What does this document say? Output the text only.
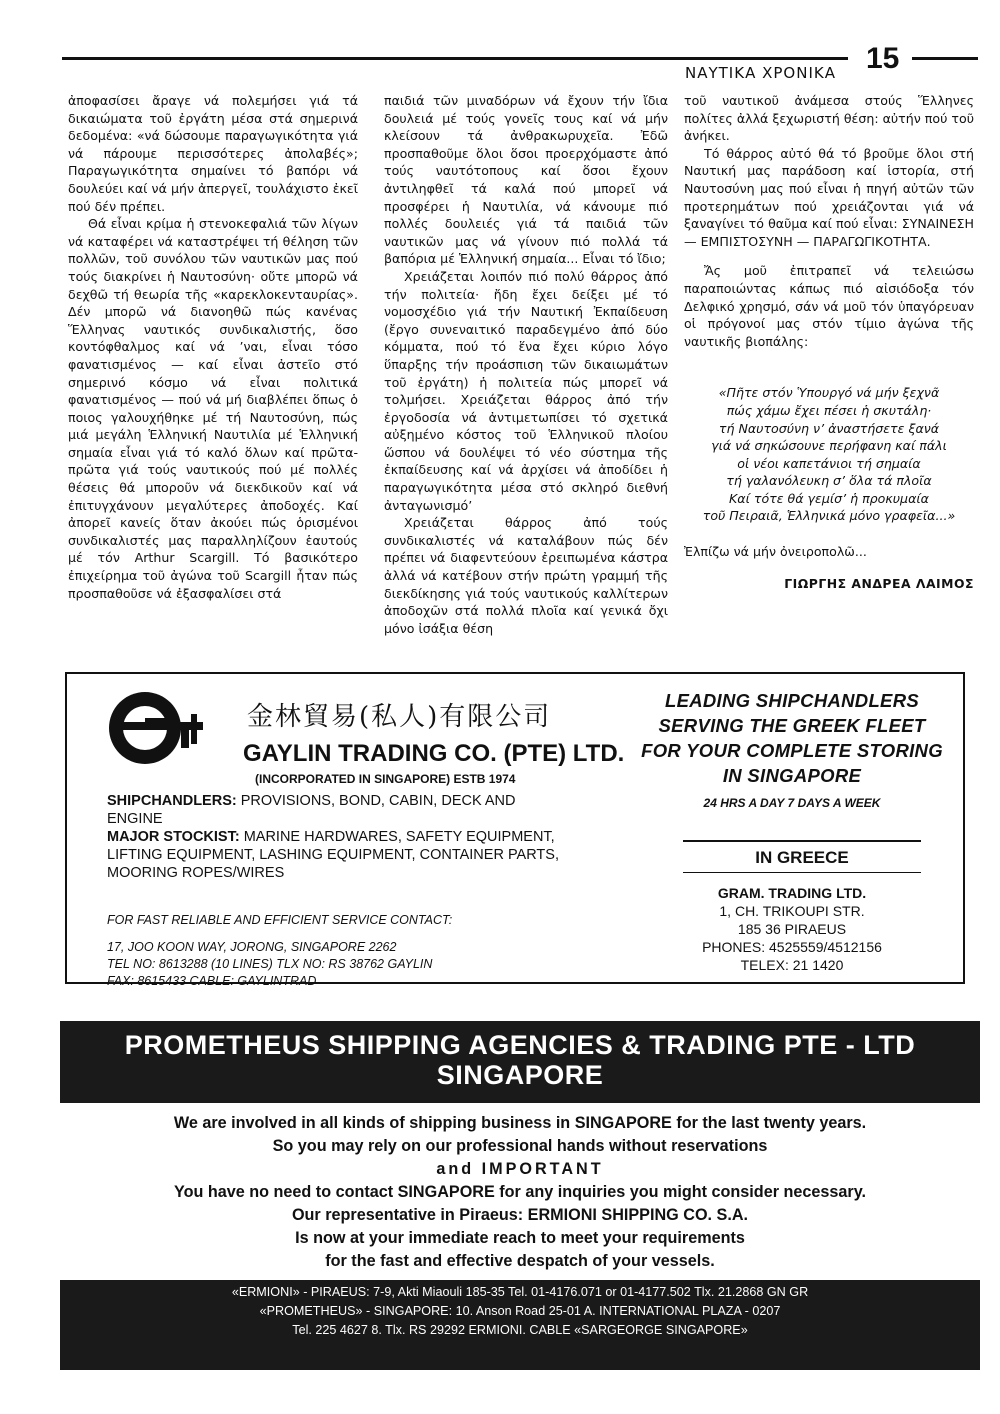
ΝΑΥΤΙΚΑ ΧΡΟΝΙΚΑ 15

ἀποφασίσει ἄραγε νά πολεμήσει γιά τά δικαιώματα τοῦ ἐργάτη μέσα στά σημερινά δεδομένα: «νά δώσουμε παραγωγικότητα γιά νά πάρουμε περισσότερες ἀπολαβές»; Παραγωγικότητα σημαίνει τό βαπόρι νά δουλεύει καί νά μήν ἀπεργεῖ, τουλάχιστο ἐκεῖ πού δέν πρέπει.

Θά εἶναι κρίμα ἡ στενοκεφαλιά τῶν λίγων νά καταφέρει νά καταστρέψει τή θέληση τῶν πολλῶν, τοῦ συνόλου τῶν ναυτικῶν μας πού τούς διακρίνει ἡ Ναυτοσύνη· οὔτε μπορῶ νά δεχθῶ τή θεωρία τῆς «καρεκλοκενταυρίας». Δέν μπορῶ νά διανοηθῶ πώς κανένας Ἕλληνας ναυτικός συνδικαλιστής, ὅσο κοντόφθαλμος καί νά ’ναι, εἶναι τόσο φανατισμένος — καί εἶναι ἀστεῖο στό σημερινό κόσμο νά εἶναι πολιτικά φανατισμένος — πού νά μή διαβλέπει ὅπως ὁ ποιος γαλουχήθηκε μέ τή Ναυτοσύνη, πώς μιά μεγάλη Ἑλληνική Ναυτιλία μέ Ἑλληνική σημαία εἶναι γιά τό καλό ὅλων καί πρῶτα- πρῶτα γιά τούς ναυτικούς πού μέ πολλές θέσεις θά μποροῦν νά διεκδικοῦν καί νά ἐπιτυγχάνουν μεγαλύτερες ἀποδοχές. Καί ἀπορεῖ κανείς ὅταν ἀκούει πώς ὁρισμένοι συνδικαλιστές μας παραλληλίζουν ἑαυτούς μέ τόν Arthur Scargill. Τό βασικότερο ἐπιχείρημα τοῦ ἀγώνα τοῦ Scargill ἦταν πώς προσπαθοῦσε νά ἐξασφαλίσει στά

παιδιά τῶν μιναδόρων νά ἔχουν τήν ἴδια δουλειά μέ τούς γονεῖς τους καί νά μήν κλείσουν τά ἀνθρακωρυχεῖα. Ἐδῶ προσπαθοῦμε ὅλοι ὅσοι προερχόμαστε ἀπό τούς ναυτότοπους καί ὅσοι ἔχουν ἀντιληφθεῖ τά καλά πού μπορεῖ νά προσφέρει ἡ Ναυτιλία, νά κάνουμε πιό πολλές δουλειές γιά τά παιδιά τῶν ναυτικῶν μας νά γίνουν πιό πολλά τά βαπόρια μέ Ἑλληνική σημαία... Εἶναι τό ἴδιο;

Χρειάζεται λοιπόν πιό πολύ θάρρος ἀπό τήν πολιτεία· ἤδη ἔχει δείξει μέ τό νομοσχέδιο γιά τήν Ναυτική Ἐκπαίδευση (ἔργο συνεναιτικό παραδεγμένο ἀπό δύο κόμματα, πού τό ἕνα ἔχει κύριο λόγο ὕπαρξης τήν προάσπιση τῶν δικαιωμάτων τοῦ ἐργάτη) ἡ πολιτεία πώς μπορεῖ νά τολμήσει. Χρειάζεται θάρρος ἀπό τήν ἐργοδοσία νά ἀντιμετωπίσει τό σχετικά αὐξημένο κόστος τοῦ Ἑλληνικοῦ πλοίου ὥσπου νά δουλέψει τό νέο σύστημα τῆς ἐκπαίδευσης καί νά ἀρχίσει νά ἀποδίδει ἡ παραγωγικότητα μέσα στό σκληρό διεθνή ἀνταγωνισμό’

Χρειάζεται θάρρος ἀπό τούς συνδικαλιστές νά καταλάβουν πώς δέν πρέπει νά διαφεντεύουν ἐρειπωμένα κάστρα ἀλλά νά κατέβουν στήν πρώτη γραμμή τῆς διεκδίκησης γιά τούς ναυτικούς καλλίτερων ἀποδοχῶν στά πολλά πλοῖα καί γενικά ὄχι μόνο ἰσάξια θέση

τοῦ ναυτικοῦ ἀνάμεσα στούς Ἕλληνες πολίτες ἀλλά ξεχωριστή θέση: αὐτήν πού τοῦ ἀνήκει.

Τό θάρρος αὐτό θά τό βροῦμε ὅλοι στή Ναυτική μας παράδοση καί ἱστορία, στή Ναυτοσύνη μας πού εἶναι ἡ πηγή αὐτῶν τῶν προτερημάτων πού χρειάζονται γιά νά ξαναγίνει τό θαῦμα καί πού εἶναι: ΣΥΝΑΙΝΕΣΗ — ΕΜΠΙΣΤΟΣΥΝΗ — ΠΑΡΑΓΩΓΙΚΟΤΗΤΑ.

Ἄς μοῦ ἐπιτραπεῖ νά τελειώσω παραποιώντας κάπως πιό αἰσιόδοξα τόν Δελφικό χρησμό, σάν νά μοῦ τόν ὑπαγόρευαν οἱ πρόγονοί μας στόν τίμιο ἀγώνα τῆς ναυτικῆς βιοπάλης:

«Πῆτε στόν Ὑπουργό νά μήν ξεχνᾶ

πώς χάμω ἔχει πέσει ἡ σκυτάλη·

τή Ναυτοσύνη ν’ ἀναστήσετε ξανά

γιά νά σηκώσουνε περήφανη καί πάλι

οἱ νέοι καπετάνιοι τή σημαία

τή γαλανόλευκη σ’ ὅλα τά πλοῖα

Καί τότε θά γεμίσ’ ἡ προκυμαία

τοῦ Πειραιᾶ, Ἑλληνικά μόνο γραφεῖα...»

Ἐλπίζω νά μήν ὀνειροπολῶ...

ΓΙΩΡΓΗΣ ΑΝΔΡΕΑ ΛΑΙΜΟΣ

金林貿易(私人)有限公司
GAYLIN TRADING CO. (PTE) LTD.
(INCORPORATED IN SINGAPORE) ESTB 1974
SHIPCHANDLERS: PROVISIONS, BOND, CABIN, DECK AND ENGINE
MAJOR STOCKIST: MARINE HARDWARES, SAFETY EQUIPMENT,
LIFTING EQUIPMENT, LASHING EQUIPMENT, CONTAINER PARTS, MOORING ROPES/WIRES
FOR FAST RELIABLE AND EFFICIENT SERVICE CONTACT:
17, JOO KOON WAY, JORONG, SINGAPORE 2262
TEL NO: 8613288 (10 LINES) TLX NO: RS 38762 GAYLIN
FAX: 8615433 CABLE: GAYLINTRAD
LEADING SHIPCHANDLERS
SERVING THE GREEK FLEET
FOR YOUR COMPLETE STORING
IN SINGAPORE
24 HRS A DAY 7 DAYS A WEEK
IN GREECE
GRAM. TRADING LTD.
1, CH. TRIKOUPI STR.
185 36 PIRAEUS
PHONES: 4525559/4512156
TELEX: 21 1420
PROMETHEUS SHIPPING AGENCIES & TRADING PTE - LTD
SINGAPORE
We are involved in all kinds of shipping business in SINGAPORE for the last twenty years.
So you may rely on our professional hands without reservations
and IMPORTANT
You have no need to contact SINGAPORE for any inquiries you might consider necessary.
Our representative in Piraeus: ERMIONI SHIPPING CO. S.A.
Is now at your immediate reach to meet your requirements
for the fast and effective despatch of your vessels.
«ERMIONI» - PIRAEUS: 7-9, Akti Miaouli 185-35 Tel. 01-4176.071 or 01-4177.502 Tlx. 21.2868 GN GR
«PROMETHEUS» - SINGAPORE: 10. Anson Road 25-01 A. INTERNATIONAL PLAZA - 0207
Tel. 225 4627 8. Tlx. RS 29292 ERMIONI. CABLE «SARGEORGE SINGAPORE»
